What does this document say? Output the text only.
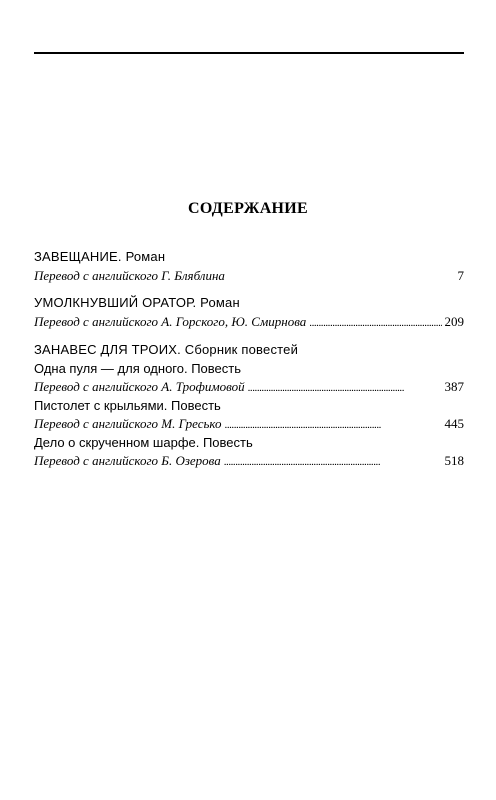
СОДЕРЖАНИЕ
ЗАВЕЩАНИЕ. Роман
Перевод с английского Г. Бляблина	7
УМОЛКНУВШИЙ ОРАТОР. Роман
Перевод с английского А. Горского, Ю. Смирнова . . .	209
ЗАНАВЕС ДЛЯ ТРОИХ. Сборник повестей
Одна пуля — для одного. Повесть
Перевод с английского А. Трофимовой . . .	387
Пистолет с крыльями. Повесть
Перевод с английского М. Гресько . . .	445
Дело о скрученном шарфе. Повесть
Перевод с английского Б. Озерова . . .	518
